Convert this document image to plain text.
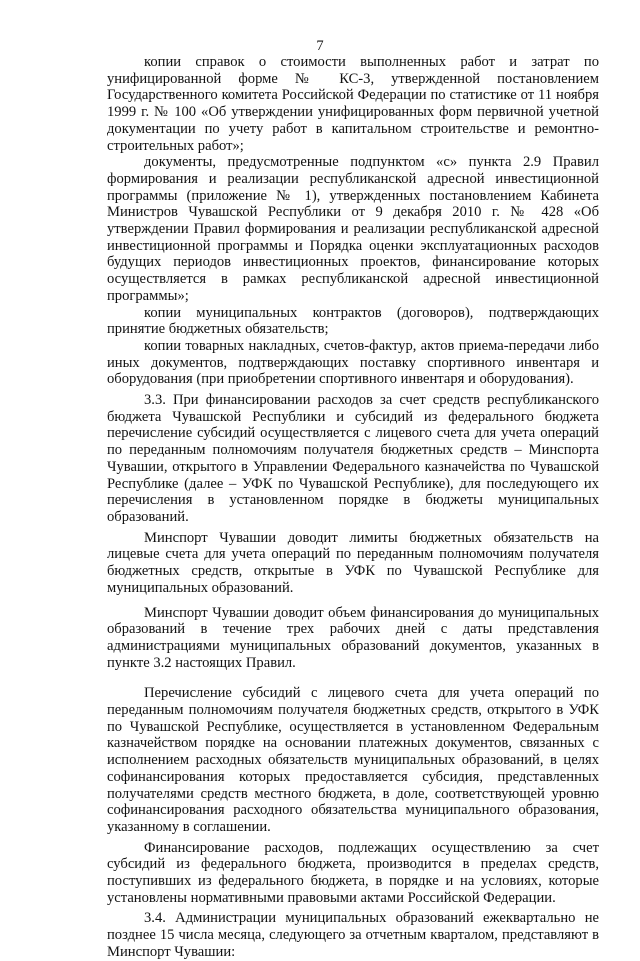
7

копии справок о стоимости выполненных работ и затрат по унифицированной форме № КС-3, утвержденной постановлением Государственного комитета Российской Федерации по статистике от 11 ноября 1999 г. № 100 «Об утверждении унифицированных форм первичной учетной документации по учету работ в капитальном строительстве и ремонтно-строительных работ»;

документы, предусмотренные подпунктом «с» пункта 2.9 Правил формирования и реализации республиканской адресной инвестиционной программы (приложение № 1), утвержденных постановлением Кабинета Министров Чувашской Республики от 9 декабря 2010 г. № 428 «Об утверждении Правил формирования и реализации республиканской адресной инвестиционной программы и Порядка оценки эксплуатационных расходов будущих периодов инвестиционных проектов, финансирование которых осуществляется в рамках республиканской адресной инвестиционной программы»;

копии муниципальных контрактов (договоров), подтверждающих принятие бюджетных обязательств;

копии товарных накладных, счетов-фактур, актов приема-передачи либо иных документов, подтверждающих поставку спортивного инвентаря и оборудования (при приобретении спортивного инвентаря и оборудования).

3.3. При финансировании расходов за счет средств республиканского бюджета Чувашской Республики и субсидий из федерального бюджета перечисление субсидий осуществляется с лицевого счета для учета операций по переданным полномочиям получателя бюджетных средств – Минспорта Чувашии, открытого в Управлении Федерального казначейства по Чувашской Республике (далее – УФК по Чувашской Республике), для последующего их перечисления в установленном порядке в бюджеты муниципальных образований.

Минспорт Чувашии доводит лимиты бюджетных обязательств на лицевые счета для учета операций по переданным полномочиям получателя бюджетных средств, открытые в УФК по Чувашской Республике для муниципальных образований.

Минспорт Чувашии доводит объем финансирования до муниципальных образований в течение трех рабочих дней с даты представления администрациями муниципальных образований документов, указанных в пункте 3.2 настоящих Правил.

Перечисление субсидий с лицевого счета для учета операций по переданным полномочиям получателя бюджетных средств, открытого в УФК по Чувашской Республике, осуществляется в установленном Федеральным казначейством порядке на основании платежных документов, связанных с исполнением расходных обязательств муниципальных образований, в целях софинансирования которых предоставляется субсидия, представленных получателями средств местного бюджета, в доле, соответствующей уровню софинансирования расходного обязательства муниципального образования, указанному в соглашении.

Финансирование расходов, подлежащих осуществлению за счет субсидий из федерального бюджета, производится в пределах средств, поступивших из федерального бюджета, в порядке и на условиях, которые установлены нормативными правовыми актами Российской Федерации.

3.4. Администрации муниципальных образований ежеквартально не позднее 15 числа месяца, следующего за отчетным кварталом, представляют в Минспорт Чувашии:
